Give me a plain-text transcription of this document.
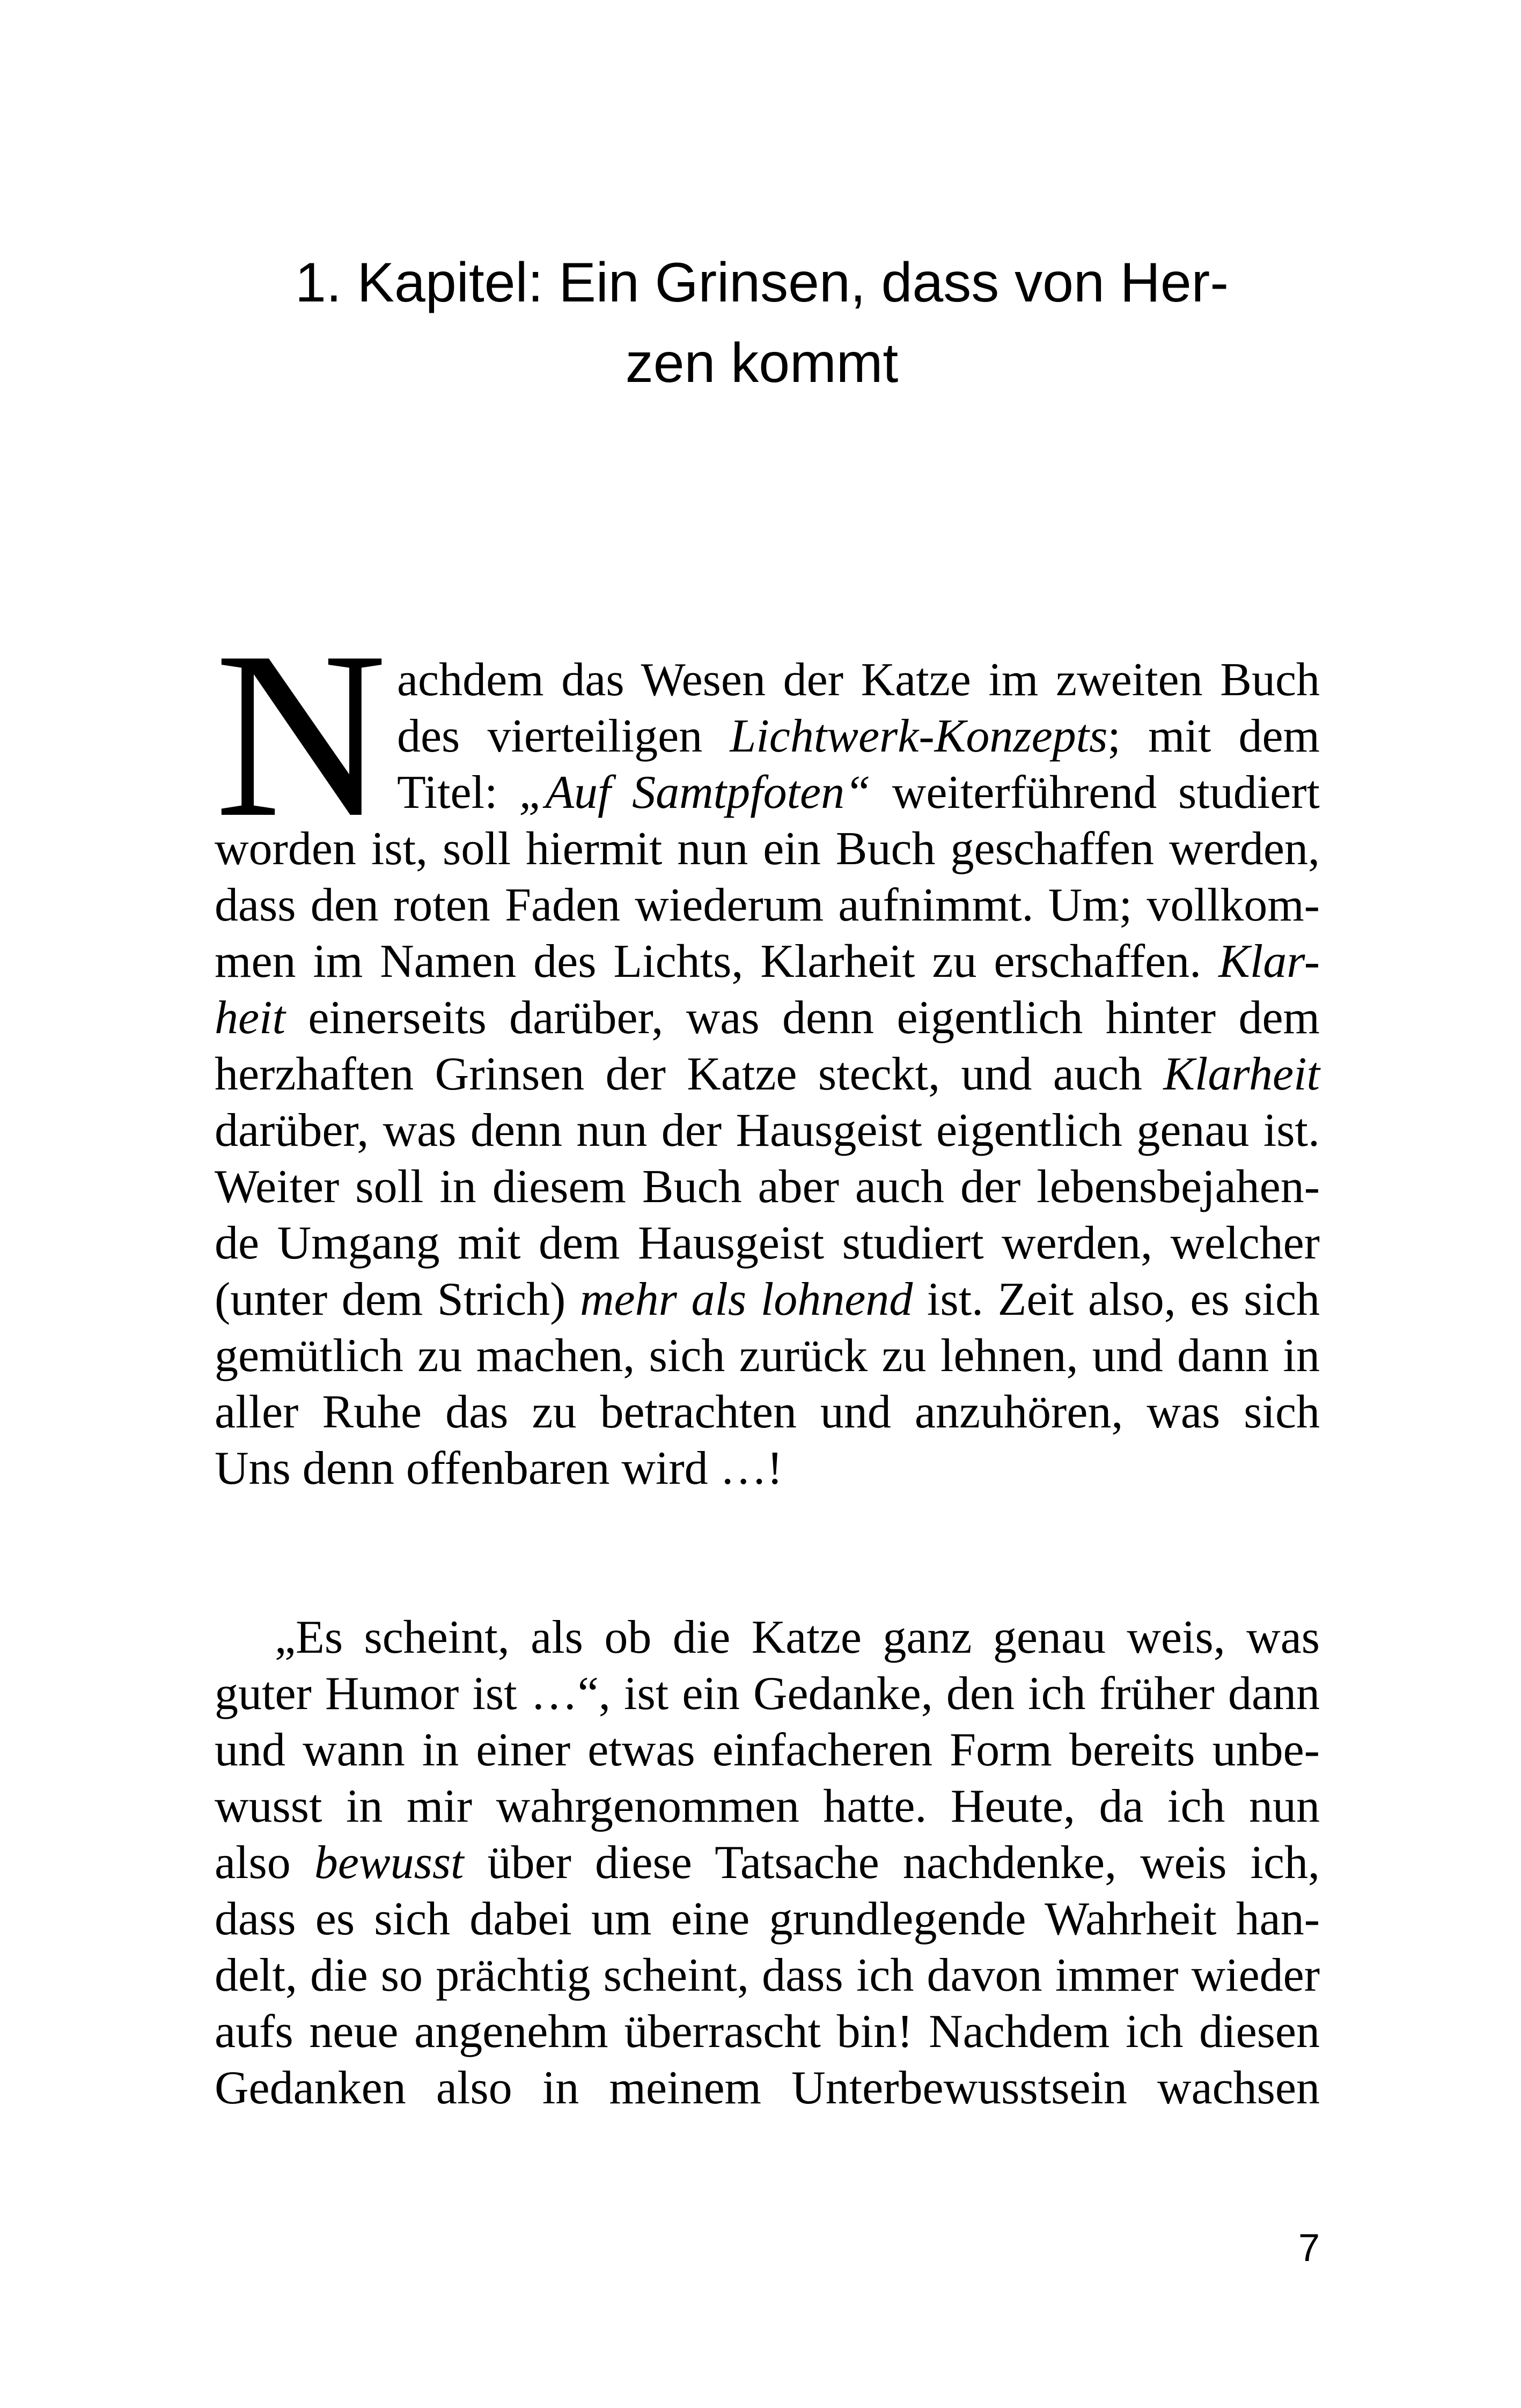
1. Kapitel: Ein Grinsen, dass von Her-
zen kommt
N achdem das Wesen der Katze im zweiten Buch
des vierteiligen Lichtwerk-Konzepts; mit dem
Titel: „Auf Samtpfoten“ weiterführend studiert
worden ist, soll hiermit nun ein Buch geschaffen werden,
dass den roten Faden wiederum aufnimmt. Um; vollkom-
men im Namen des Lichts, Klarheit zu erschaffen. Klar-
heit einerseits darüber, was denn eigentlich hinter dem
herzhaften Grinsen der Katze steckt, und auch Klarheit
darüber, was denn nun der Hausgeist eigentlich genau ist.
Weiter soll in diesem Buch aber auch der lebensbejahen-
de Umgang mit dem Hausgeist studiert werden, welcher
(unter dem Strich) mehr als lohnend ist. Zeit also, es sich
gemütlich zu machen, sich zurück zu lehnen, und dann in
aller Ruhe das zu betrachten und anzuhören, was sich
Uns denn offenbaren wird …!
„Es scheint, als ob die Katze ganz genau weis, was
guter Humor ist …“, ist ein Gedanke, den ich früher dann
und wann in einer etwas einfacheren Form bereits unbe-
wusst in mir wahrgenommen hatte. Heute, da ich nun
also bewusst über diese Tatsache nachdenke, weis ich,
dass es sich dabei um eine grundlegende Wahrheit han-
delt, die so prächtig scheint, dass ich davon immer wieder
aufs neue angenehm überrascht bin! Nachdem ich diesen
Gedanken also in meinem Unterbewusstsein wachsen
7
